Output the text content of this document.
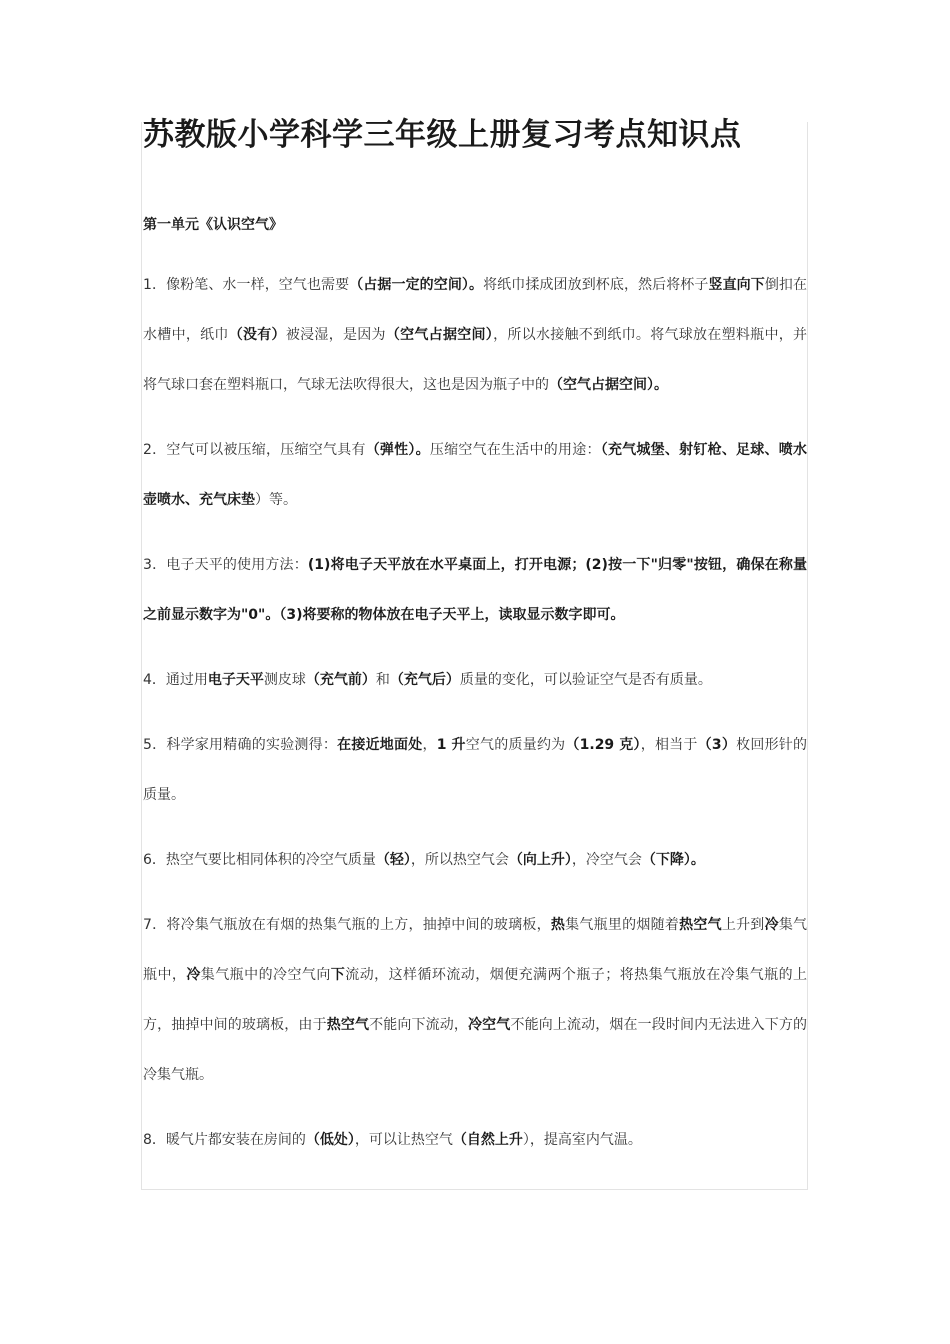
苏教版小学科学三年级上册复习考点知识点
第一单元《认识空气》
1．像粉笔、水一样，空气也需要（占据一定的空间）。将纸巾揉成团放到杯底，然后将杯子竖直向下倒扣在水槽中，纸巾（没有）被浸湿，是因为（空气占据空间），所以水接触不到纸巾。将气球放在塑料瓶中，并将气球口套在塑料瓶口，气球无法吹得很大，这也是因为瓶子中的（空气占据空间）。
2．空气可以被压缩，压缩空气具有（弹性）。压缩空气在生活中的用途：（充气城堡、射钉枪、足球、喷水壶喷水、充气床垫）等。
3．电子天平的使用方法：(1)将电子天平放在水平桌面上，打开电源；(2)按一下"归零"按钮，确保在称量之前显示数字为"0"。（3)将要称的物体放在电子天平上，读取显示数字即可。
4．通过用电子天平测皮球（充气前）和（充气后）质量的变化，可以验证空气是否有质量。
5．科学家用精确的实验测得：在接近地面处，1 升空气的质量约为（1.29 克），相当于（3）枚回形针的质量。
6．热空气要比相同体积的冷空气质量（轻），所以热空气会（向上升），冷空气会（下降）。
7．将冷集气瓶放在有烟的热集气瓶的上方，抽掉中间的玻璃板，热集气瓶里的烟随着热空气上升到冷集气瓶中，冷集气瓶中的冷空气向下流动，这样循环流动，烟便充满两个瓶子；将热集气瓶放在冷集气瓶的上方，抽掉中间的玻璃板，由于热空气不能向下流动，冷空气不能向上流动，烟在一段时间内无法进入下方的冷集气瓶。
8．暖气片都安装在房间的（低处），可以让热空气（自然上升），提高室内气温。
